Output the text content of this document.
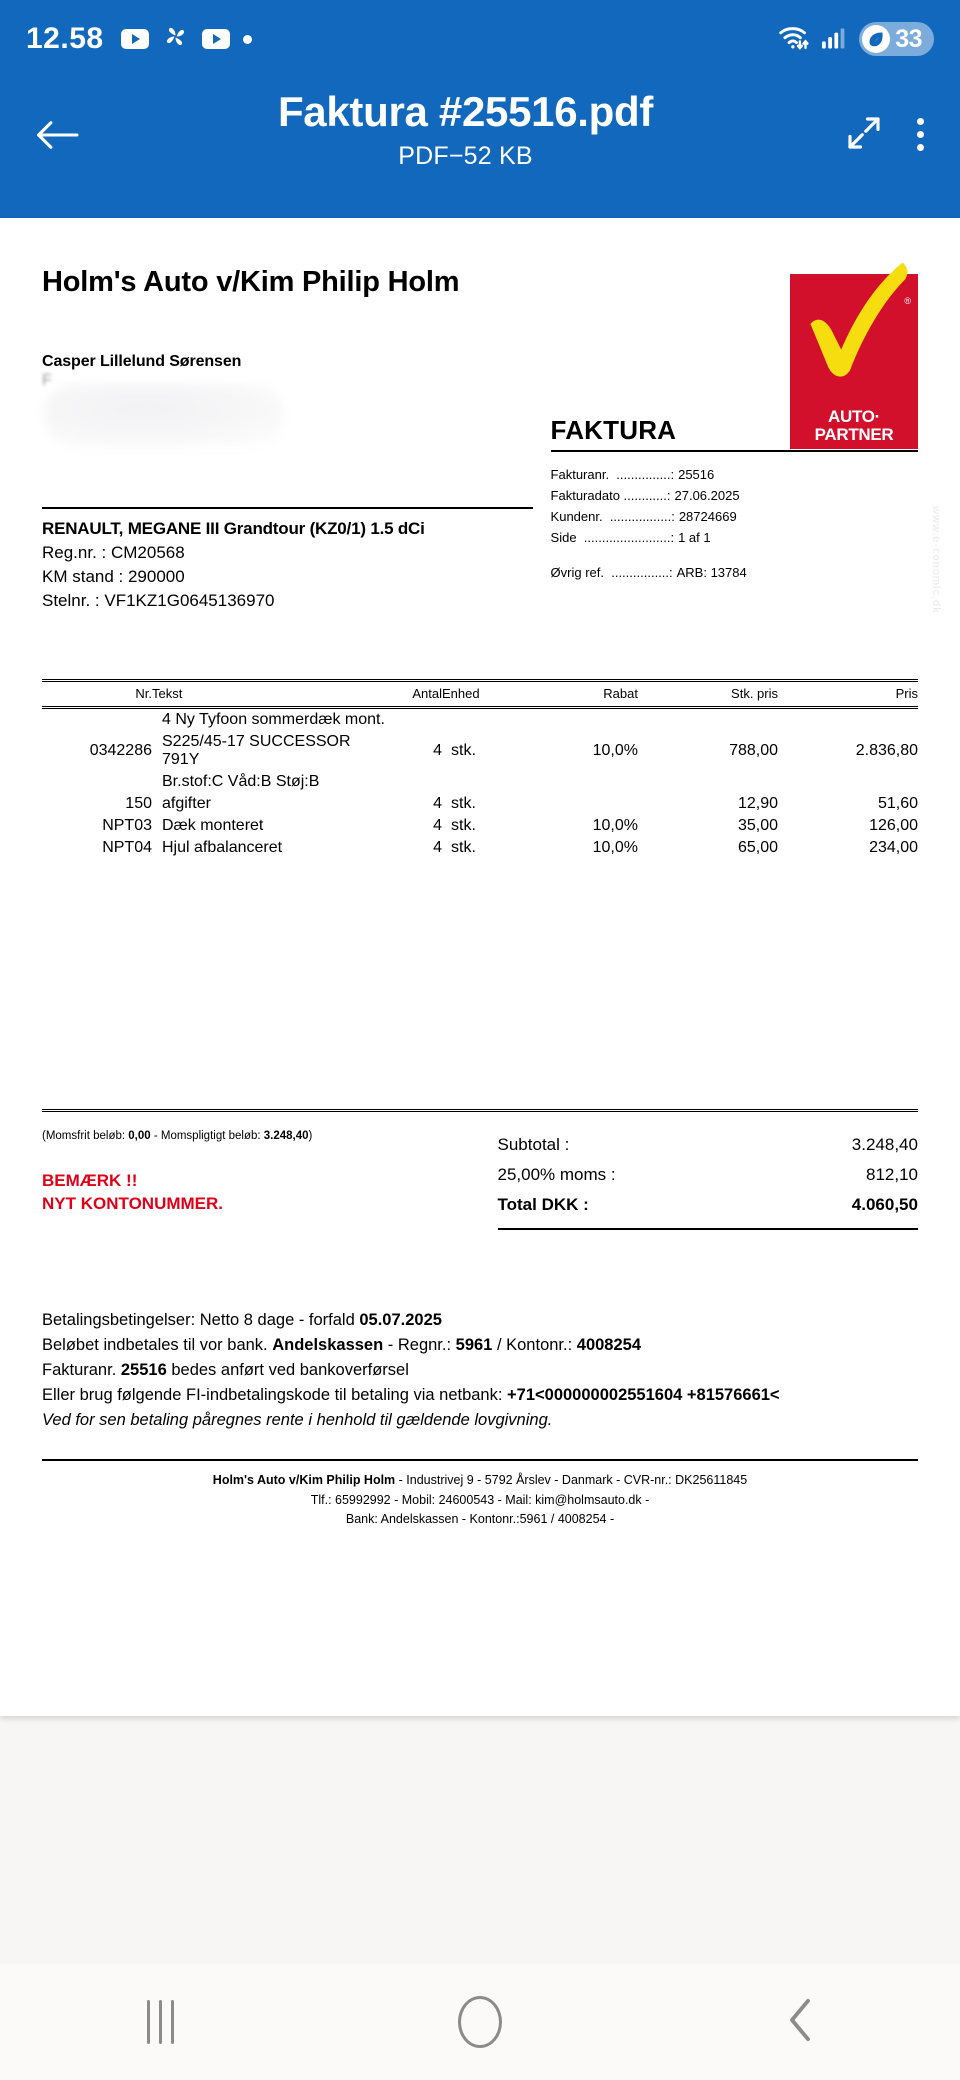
12.58	33
Faktura #25516.pdf
PDF−52 KB
www.e-conomic.dk
Holm's Auto v/Kim Philip Holm
Casper Lillelund Sørensen
F
®
AUTO·
PARTNER
RENAULT, MEGANE III Grandtour (KZ0/1) 1.5 dCi
Reg.nr. : CM20568
KM stand : 290000
Stelnr. : VF1KZ1G0645136970
FAKTURA
Fakturanr.  ...............: 25516
Fakturadato ............: 27.06.2025
Kundenr.  .................: 28724669
Side  ........................: 1 af 1
Øvrig ref.  ................: ARB: 13784
Nr.	Tekst	Antal	Enhed	Rabat	Stk. pris	Pris
	4 Ny Tyfoon sommerdæk mont.					
0342286	S225/45-17 SUCCESSOR 791Y	4	stk.	10,0%	788,00	2.836,80
	Br.stof:C Våd:B Støj:B					
150	afgifter	4	stk.		12,90	51,60
NPT03	Dæk monteret	4	stk.	10,0%	35,00	126,00
NPT04	Hjul afbalanceret	4	stk.	10,0%	65,00	234,00
(Momsfrit beløb: 0,00 - Momspligtigt beløb: 3.248,40)
BEMÆRK !!
NYT KONTONUMMER.
Subtotal :	3.248,40
25,00% moms :	812,10
Total DKK :	4.060,50
Betalingsbetingelser: Netto 8 dage - forfald 05.07.2025
Beløbet indbetales til vor bank. Andelskassen - Regnr.: 5961 / Kontonr.: 4008254
Fakturanr. 25516 bedes anført ved bankoverførsel
Eller brug følgende FI-indbetalingskode til betaling via netbank: +71<000000002551604 +81576661<
Ved for sen betaling påregnes rente i henhold til gældende lovgivning.
Holm's Auto v/Kim Philip Holm - Industrivej 9 - 5792 Årslev - Danmark - CVR-nr.: DK25611845
Tlf.: 65992992 - Mobil: 24600543 - Mail: kim@holmsauto.dk -
Bank: Andelskassen - Kontonr.:5961 / 4008254 -
